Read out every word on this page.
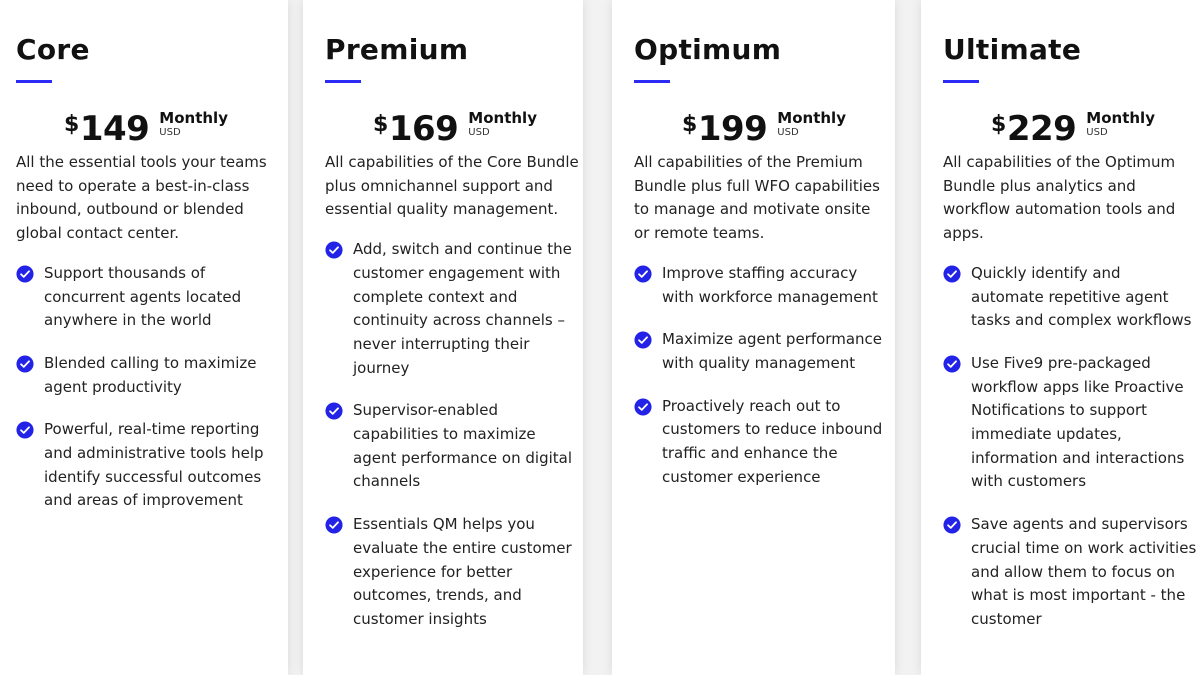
Core
$149 Monthly
USD

All the essential tools your teams need to operate a best-in-class inbound, outbound or blended global contact center.

Support thousands of concurrent agents located anywhere in the world
Blended calling to maximize agent productivity
Powerful, real-time reporting and administrative tools help identify successful outcomes and areas of improvement
Premium
$169 Monthly
USD

All capabilities of the Core Bundle plus omnichannel support and essential quality management.

Add, switch and continue the customer engagement with complete context and continuity across channels – never interrupting their journey
Supervisor-enabled capabilities to maximize agent performance on digital channels
Essentials QM helps you evaluate the entire customer experience for better outcomes, trends, and customer insights
Optimum
$199 Monthly
USD

All capabilities of the Premium Bundle plus full WFO capabilities to manage and motivate onsite or remote teams.

Improve staffing accuracy with workforce management
Maximize agent performance with quality management
Proactively reach out to customers to reduce inbound traffic and enhance the customer experience
Ultimate
$229 Monthly
USD

All capabilities of the Optimum Bundle plus analytics and workflow automation tools and apps.

Quickly identify and automate repetitive agent tasks and complex workflows
Use Five9 pre-packaged workflow apps like Proactive Notifications to support immediate updates, information and interactions with customers
Save agents and supervisors crucial time on work activities and allow them to focus on what is most important - the customer
